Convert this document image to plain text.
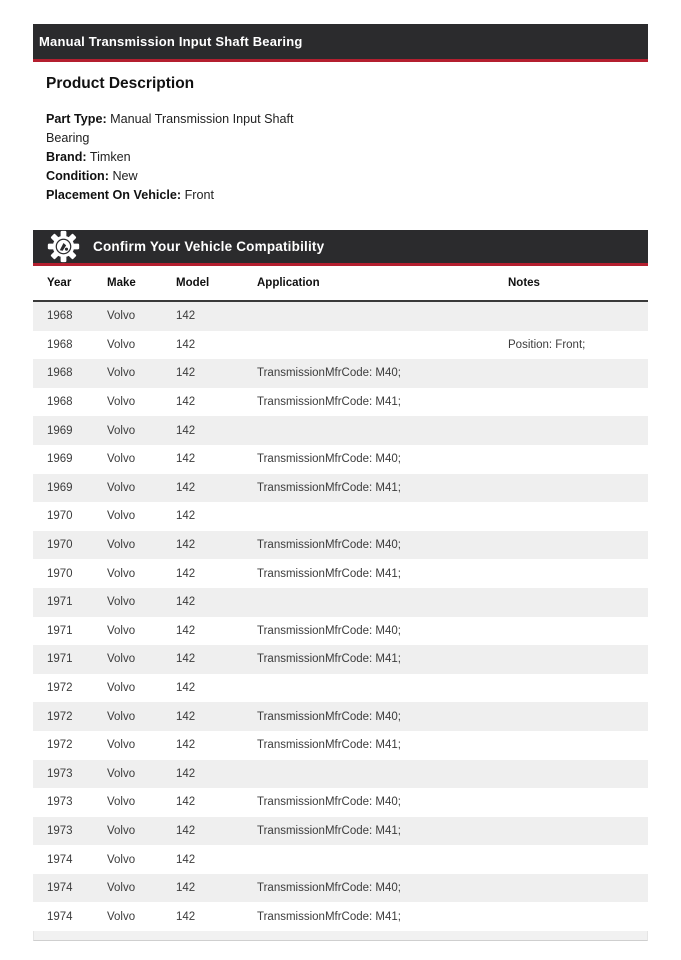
Manual Transmission Input Shaft Bearing
Product Description
Part Type: Manual Transmission Input Shaft Bearing
Brand: Timken
Condition: New
Placement On Vehicle: Front
Confirm Your Vehicle Compatibility
Year	Make	Model	Application	Notes
1968	Volvo	142		
1968	Volvo	142		Position: Front;
1968	Volvo	142	TransmissionMfrCode: M40;	
1968	Volvo	142	TransmissionMfrCode: M41;	
1969	Volvo	142		
1969	Volvo	142	TransmissionMfrCode: M40;	
1969	Volvo	142	TransmissionMfrCode: M41;	
1970	Volvo	142		
1970	Volvo	142	TransmissionMfrCode: M40;	
1970	Volvo	142	TransmissionMfrCode: M41;	
1971	Volvo	142		
1971	Volvo	142	TransmissionMfrCode: M40;	
1971	Volvo	142	TransmissionMfrCode: M41;	
1972	Volvo	142		
1972	Volvo	142	TransmissionMfrCode: M40;	
1972	Volvo	142	TransmissionMfrCode: M41;	
1973	Volvo	142		
1973	Volvo	142	TransmissionMfrCode: M40;	
1973	Volvo	142	TransmissionMfrCode: M41;	
1974	Volvo	142		
1974	Volvo	142	TransmissionMfrCode: M40;	
1974	Volvo	142	TransmissionMfrCode: M41;	
